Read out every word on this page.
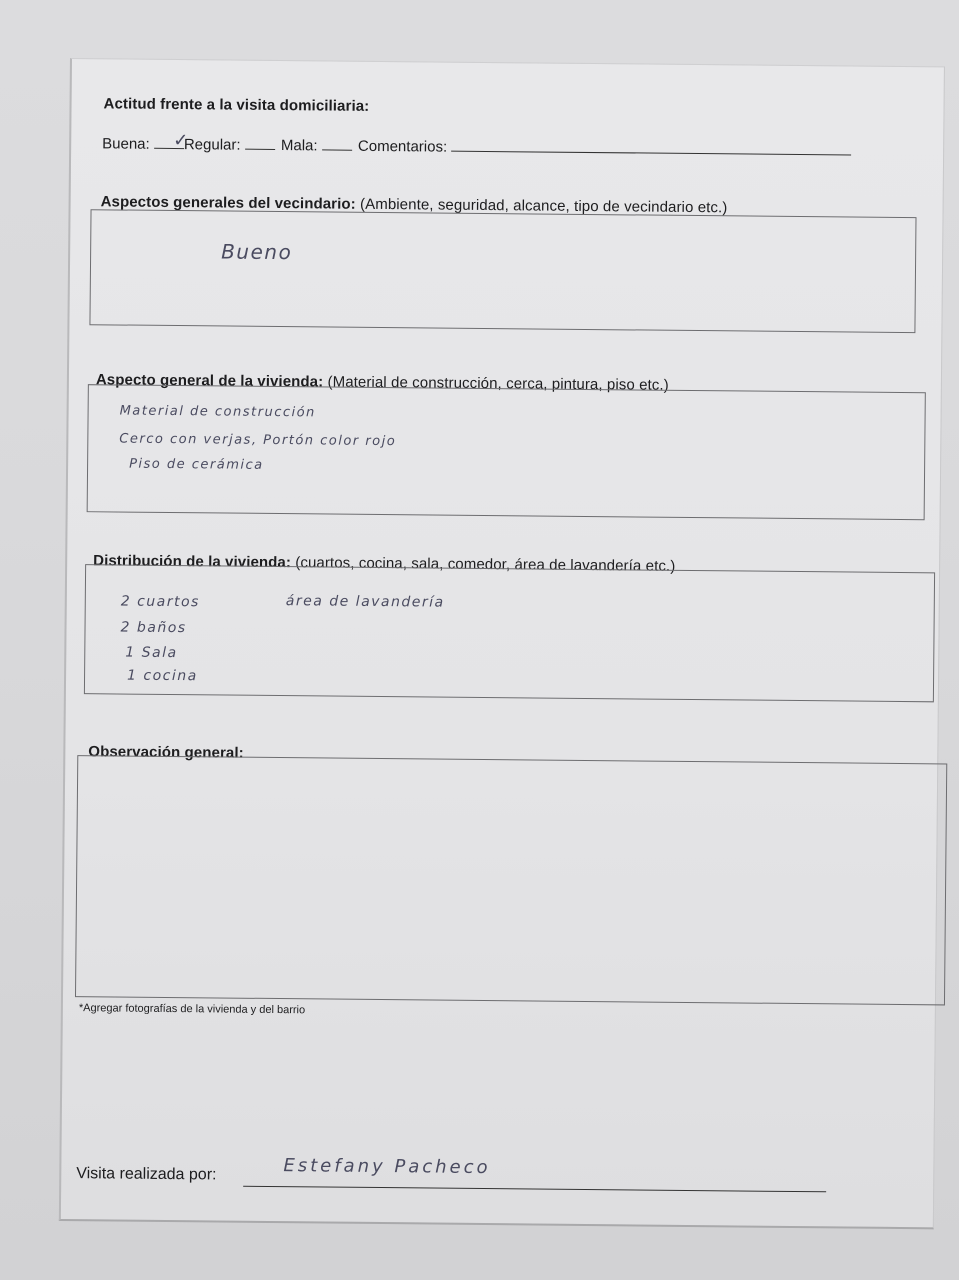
Actitud frente a la visita domiciliaria:
Buena: Regular:	Mala:	Comentarios:
✓
Aspectos generales del vecindario: (Ambiente, seguridad, alcance, tipo de vecindario etc.)
Bueno
Aspecto general de la vivienda: (Material de construcción, cerca, pintura, piso etc.)
Material de construcción
Cerco con verjas, Portón color rojo
Piso de cerámica
Distribución de la vivienda: (cuartos, cocina, sala, comedor, área de lavandería etc.)
2 cuartos
2 baños
1 Sala
1 cocina
área de lavandería
Observación general:
*Agregar fotografías de la vivienda y del barrio
Visita realizada por:	Estefany Pacheco
